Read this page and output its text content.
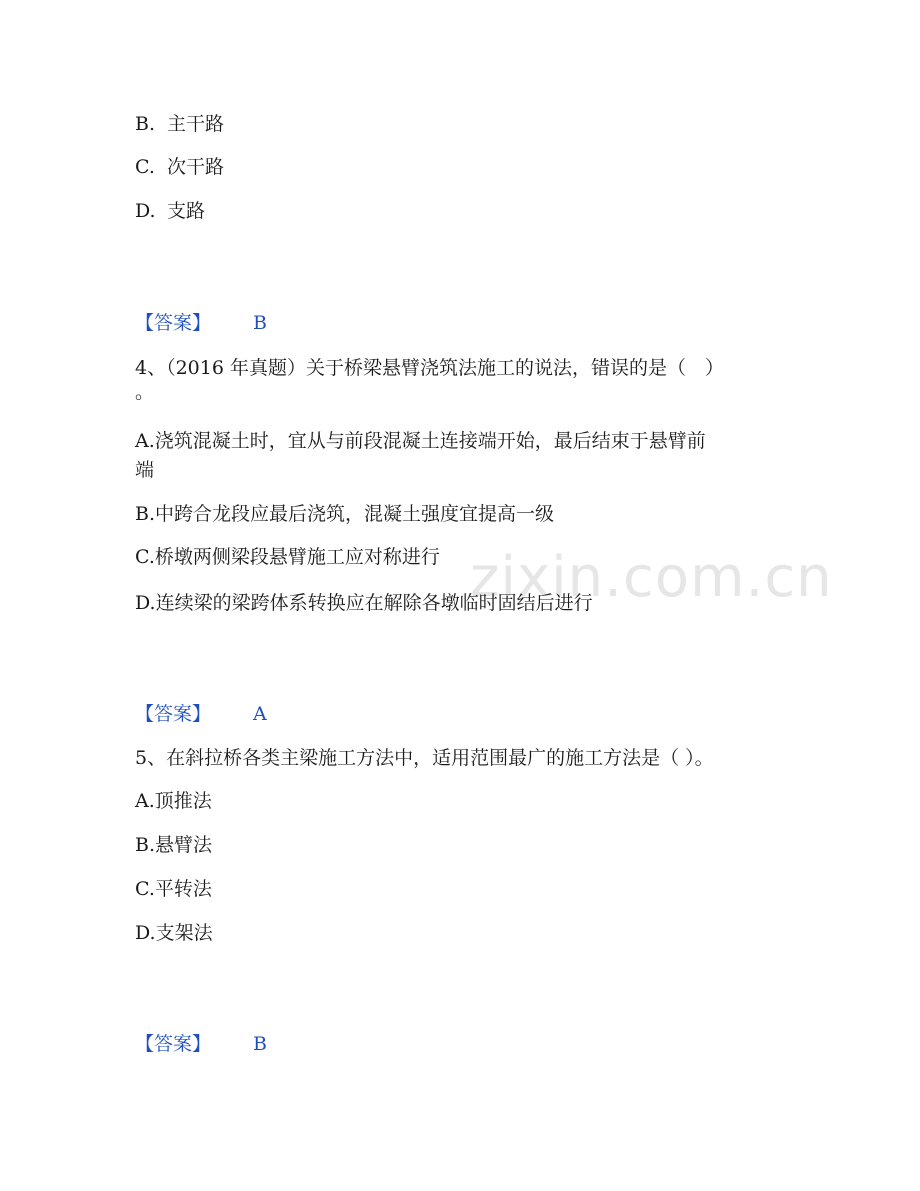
zixin.com.cn
B. 主干路
C. 次干路
D. 支路
【答案】 B
4、（2016 年真题）关于桥梁悬臂浇筑法施工的说法，错误的是（　）
。
A.浇筑混凝土时，宜从与前段混凝土连接端开始，最后结束于悬臂前
端
B.中跨合龙段应最后浇筑，混凝土强度宜提高一级
C.桥墩两侧梁段悬臂施工应对称进行
D.连续梁的梁跨体系转换应在解除各墩临时固结后进行
【答案】 A
5、在斜拉桥各类主梁施工方法中，适用范围最广的施工方法是（ ）。
A.顶推法
B.悬臂法
C.平转法
D.支架法
【答案】 B
